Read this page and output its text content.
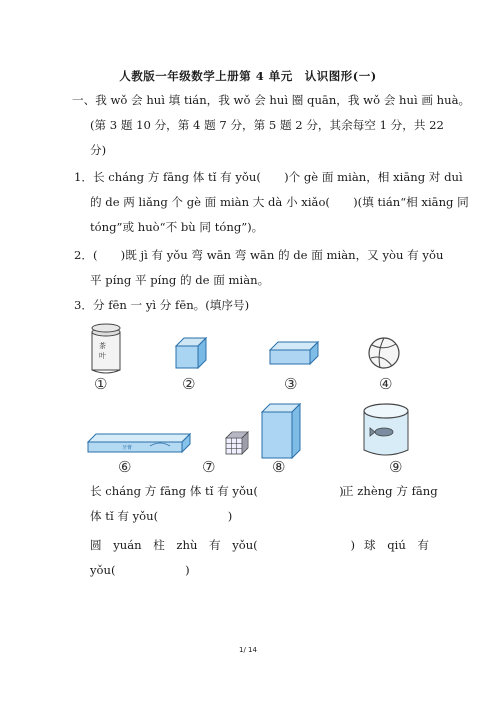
人教版一年级数学上册第 4 单元　认识图形(一)
一、我 wǒ 会 huì 填 tián，我 wǒ 会 huì 圈 quān，我 wǒ 会 huì 画 huà。
(第 3 题 10 分，第 4 题 7 分，第 5 题 2 分，其余每空 1 分，共 22
分)
1．长 cháng 方 fāng 体 tǐ 有 yǒu(　　)个 gè 面 miàn，相 xiāng 对 duì
的 de 两 liǎng 个 gè 面 miàn 大 dà 小 xiǎo(　　)(填 tián“相 xiāng 同
tóng”或 huò“不 bù 同 tóng”)。
2．(　　)既 jì 有 yǒu 弯 wān 弯 wān 的 de 面 miàn，又 yòu 有 yǒu
平 píng 平 píng 的 de 面 miàn。
3．分 fēn 一 yì 分 fēn。(填序号)
茶
叶
牙膏
①	②	③	④
⑥	⑦	⑧	⑨
长 cháng 方 fāng 体 tǐ 有 yǒu(　　　　　　　)
正 zhèng 方 fāng
体 tǐ 有 yǒu(　　　　　　)
圆　yuán　柱　zhù　有　yǒu(　　　　　　　　) 球　qiú　有
yǒu(　　　　　　)
1/ 14
